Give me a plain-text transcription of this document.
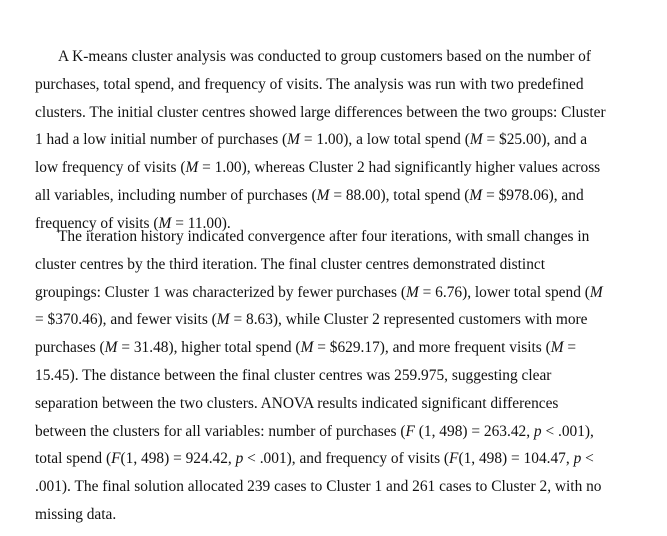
A K-means cluster analysis was conducted to group customers based on the number of
purchases, total spend, and frequency of visits. The analysis was run with two predefined
clusters. The initial cluster centres showed large differences between the two groups: Cluster
1 had a low initial number of purchases (M = 1.00), a low total spend (M = $25.00), and a
low frequency of visits (M = 1.00), whereas Cluster 2 had significantly higher values across
all variables, including number of purchases (M = 88.00), total spend (M = $978.06), and
frequency of visits (M = 11.00).
The iteration history indicated convergence after four iterations, with small changes in
cluster centres by the third iteration. The final cluster centres demonstrated distinct
groupings: Cluster 1 was characterized by fewer purchases (M = 6.76), lower total spend (M
= $370.46), and fewer visits (M = 8.63), while Cluster 2 represented customers with more
purchases (M = 31.48), higher total spend (M = $629.17), and more frequent visits (M =
15.45). The distance between the final cluster centres was 259.975, suggesting clear
separation between the two clusters. ANOVA results indicated significant differences
between the clusters for all variables: number of purchases (F (1, 498) = 263.42, p < .001),
total spend (F(1, 498) = 924.42, p < .001), and frequency of visits (F(1, 498) = 104.47, p <
.001). The final solution allocated 239 cases to Cluster 1 and 261 cases to Cluster 2, with no
missing data.
